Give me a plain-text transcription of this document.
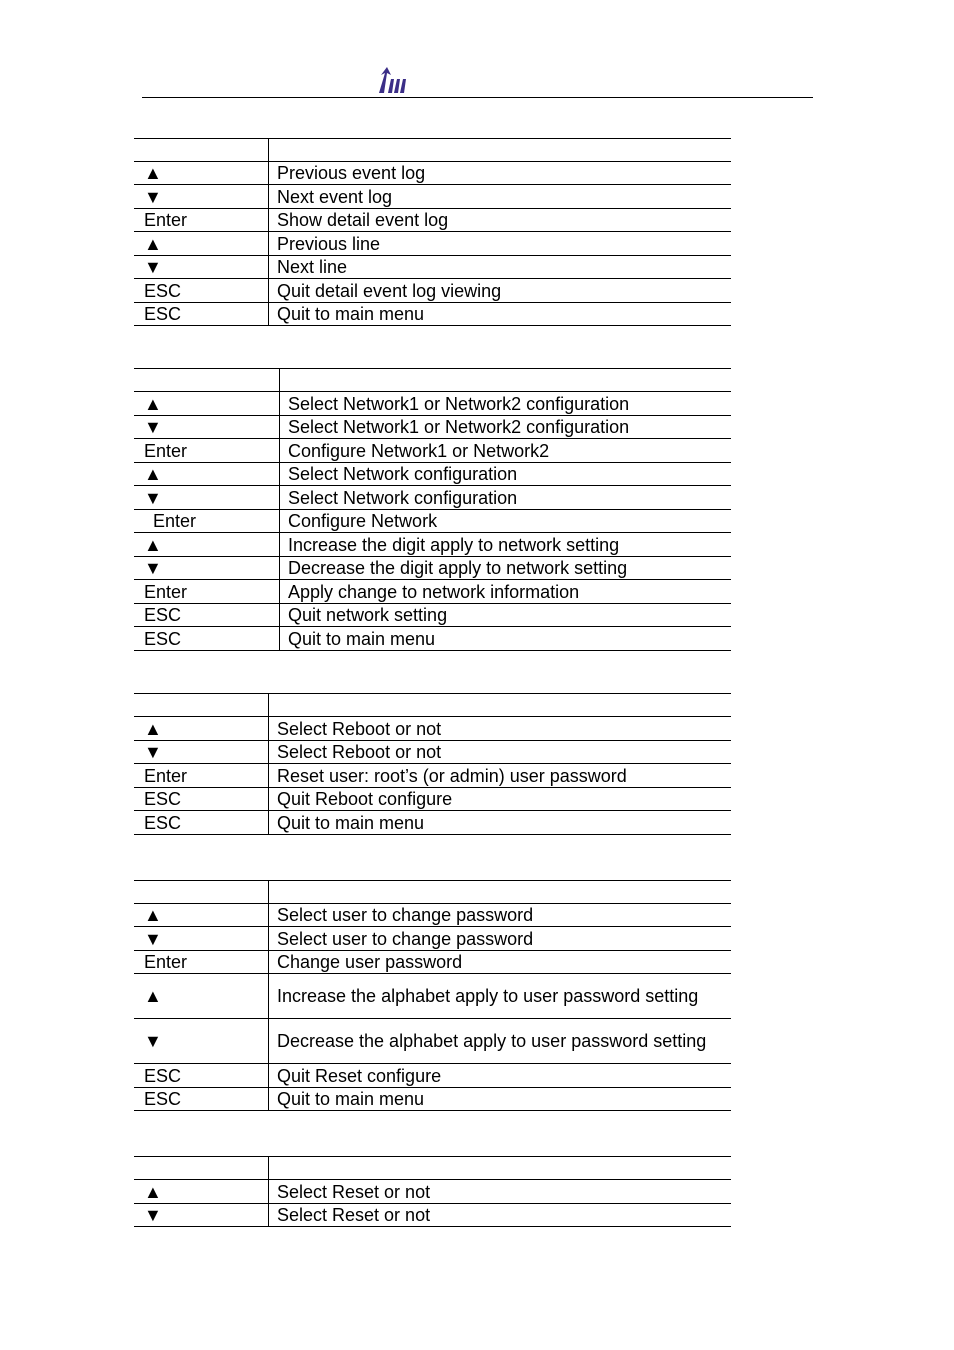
▲	Previous event log
▼	Next event log
Enter	Show detail event log
▲	Previous line
▼	Next line
ESC	Quit detail event log viewing
ESC	Quit to main menu
▲	Select Network1 or Network2 configuration
▼	Select Network1 or Network2 configuration
Enter	Configure Network1 or Network2
▲	Select Network configuration
▼	Select Network configuration
Enter	Configure Network
▲	Increase the digit apply to network setting
▼	Decrease the digit apply to network setting
Enter	Apply change to network information
ESC	Quit network setting
ESC	Quit to main menu
▲	Select Reboot or not
▼	Select Reboot or not
Enter	Reset user: root’s (or admin) user password
ESC	Quit Reboot configure
ESC	Quit to main menu
▲	Select user to change password
▼	Select user to change password
Enter	Change user password
▲	Increase the alphabet apply to user password setting
▼	Decrease the alphabet apply to user password setting
ESC	Quit Reset configure
ESC	Quit to main menu
▲	Select Reset or not
▼	Select Reset or not
